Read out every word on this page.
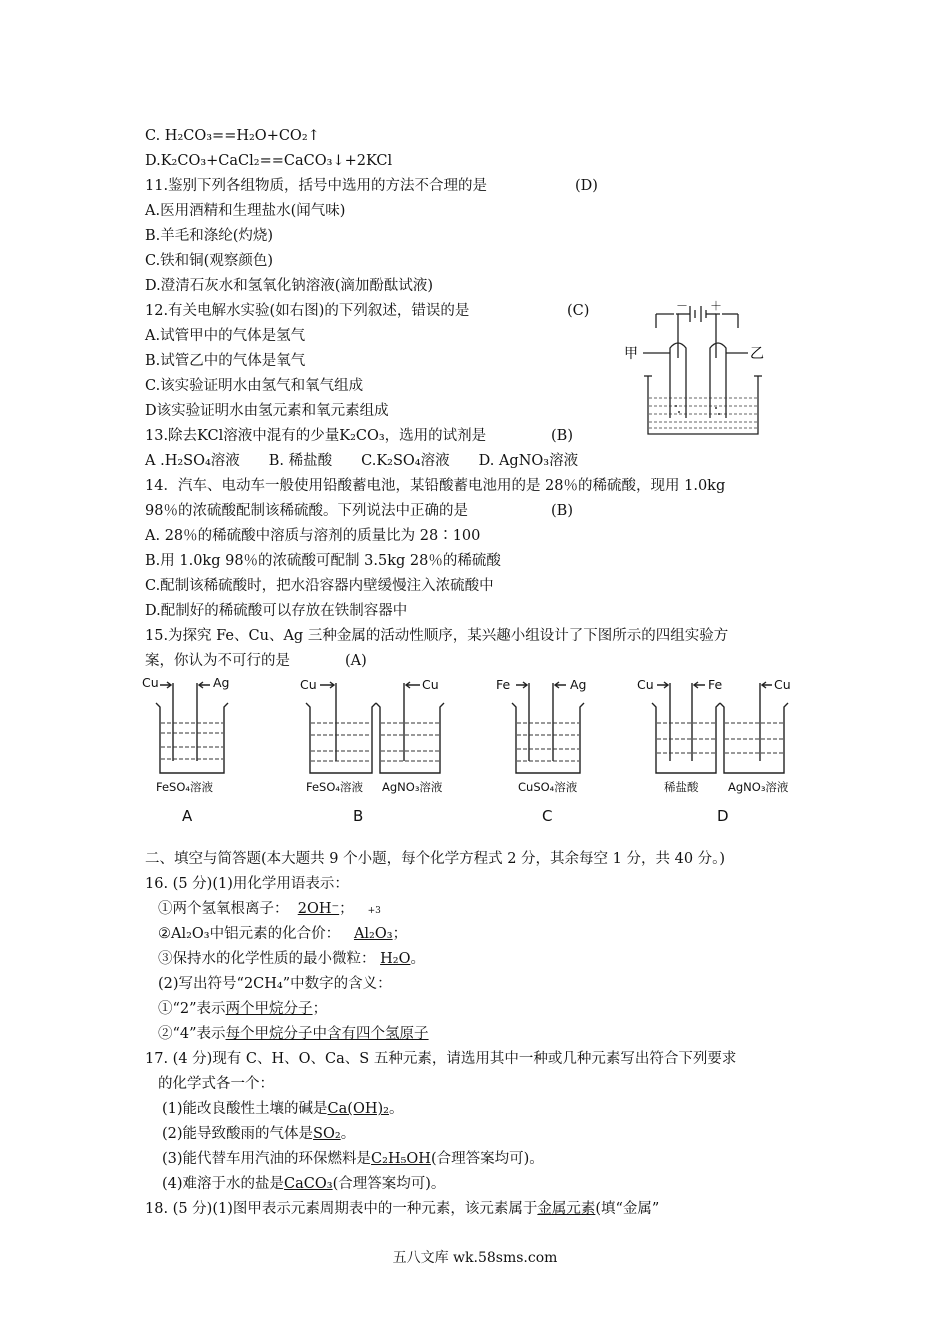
C. H₂CO₃==H₂O+CO₂↑
D.K₂CO₃+CaCl₂==CaCO₃↓+2KCl
11.鉴别下列各组物质，括号中选用的方法不合理的是	(D)
A.医用酒精和生理盐水(闻气味)
B.羊毛和涤纶(灼烧)
C.铁和铜(观察颜色)
D.澄清石灰水和氢氧化钠溶液(滴加酚酞试液)
12.有关电解水实验(如右图)的下列叙述，错误的是	(C)
A.试管甲中的气体是氢气
B.试管乙中的气体是氧气
C.该实验证明水由氢气和氧气组成
D该实验证明水由氢元素和氧元素组成
13.除去KCl溶液中混有的少量K₂CO₃，选用的试剂是	(B)
A .H₂SO₄溶液　　B. 稀盐酸　　C.K₂SO₄溶液　　D. AgNO₃溶液
14．汽车、电动车一般使用铅酸蓄电池，某铅酸蓄电池用的是 28％的稀硫酸，现用 1.0kg
98％的浓硫酸配制该稀硫酸。下列说法中正确的是	(B)
A. 28％的稀硫酸中溶质与溶剂的质量比为 28∶100
B.用 1.0kg 98％的浓硫酸可配制 3.5kg 28％的稀硫酸
C.配制该稀硫酸时，把水沿容器内壁缓慢注入浓硫酸中
D.配制好的稀硫酸可以存放在铁制容器中
15.为探究 Fe、Cu、Ag 三种金属的活动性顺序，某兴趣小组设计了下图所示的四组实验方
案，你认为不可行的是	(A)
－ ＋
甲	乙
Cu	Ag
FeSO₄溶液
A
Cu	Cu
FeSO₄溶液 AgNO₃溶液
B
Fe	Ag
CuSO₄溶液
C
Cu	Fe	Cu
稀盐酸	AgNO₃溶液
D
二、填空与简答题(本大题共 9 个小题，每个化学方程式 2 分，其余每空 1 分，共 40 分。)
16. (5 分)(1)用化学用语表示：
①两个氢氧根离子： 2OH⁻； +3
②Al₂O₃中铝元素的化合价： Al₂O₃；
③保持水的化学性质的最小微粒： H₂O。
(2)写出符号“2CH₄”中数字的含义：
①“2”表示两个甲烷分子；
②“4”表示每个甲烷分子中含有四个氢原子
17. (4 分)现有 C、H、O、Ca、S 五种元素，请选用其中一种或几种元素写出符合下列要求
的化学式各一个：
(1)能改良酸性土壤的碱是Ca(OH)₂。
(2)能导致酸雨的气体是SO₂。
(3)能代替车用汽油的环保燃料是C₂H₅OH(合理答案均可)。
(4)难溶于水的盐是CaCO₃(合理答案均可)。
18. (5 分)(1)图甲表示元素周期表中的一种元素，该元素属于金属元素(填“金属”
五八文库 wk.58sms.com
